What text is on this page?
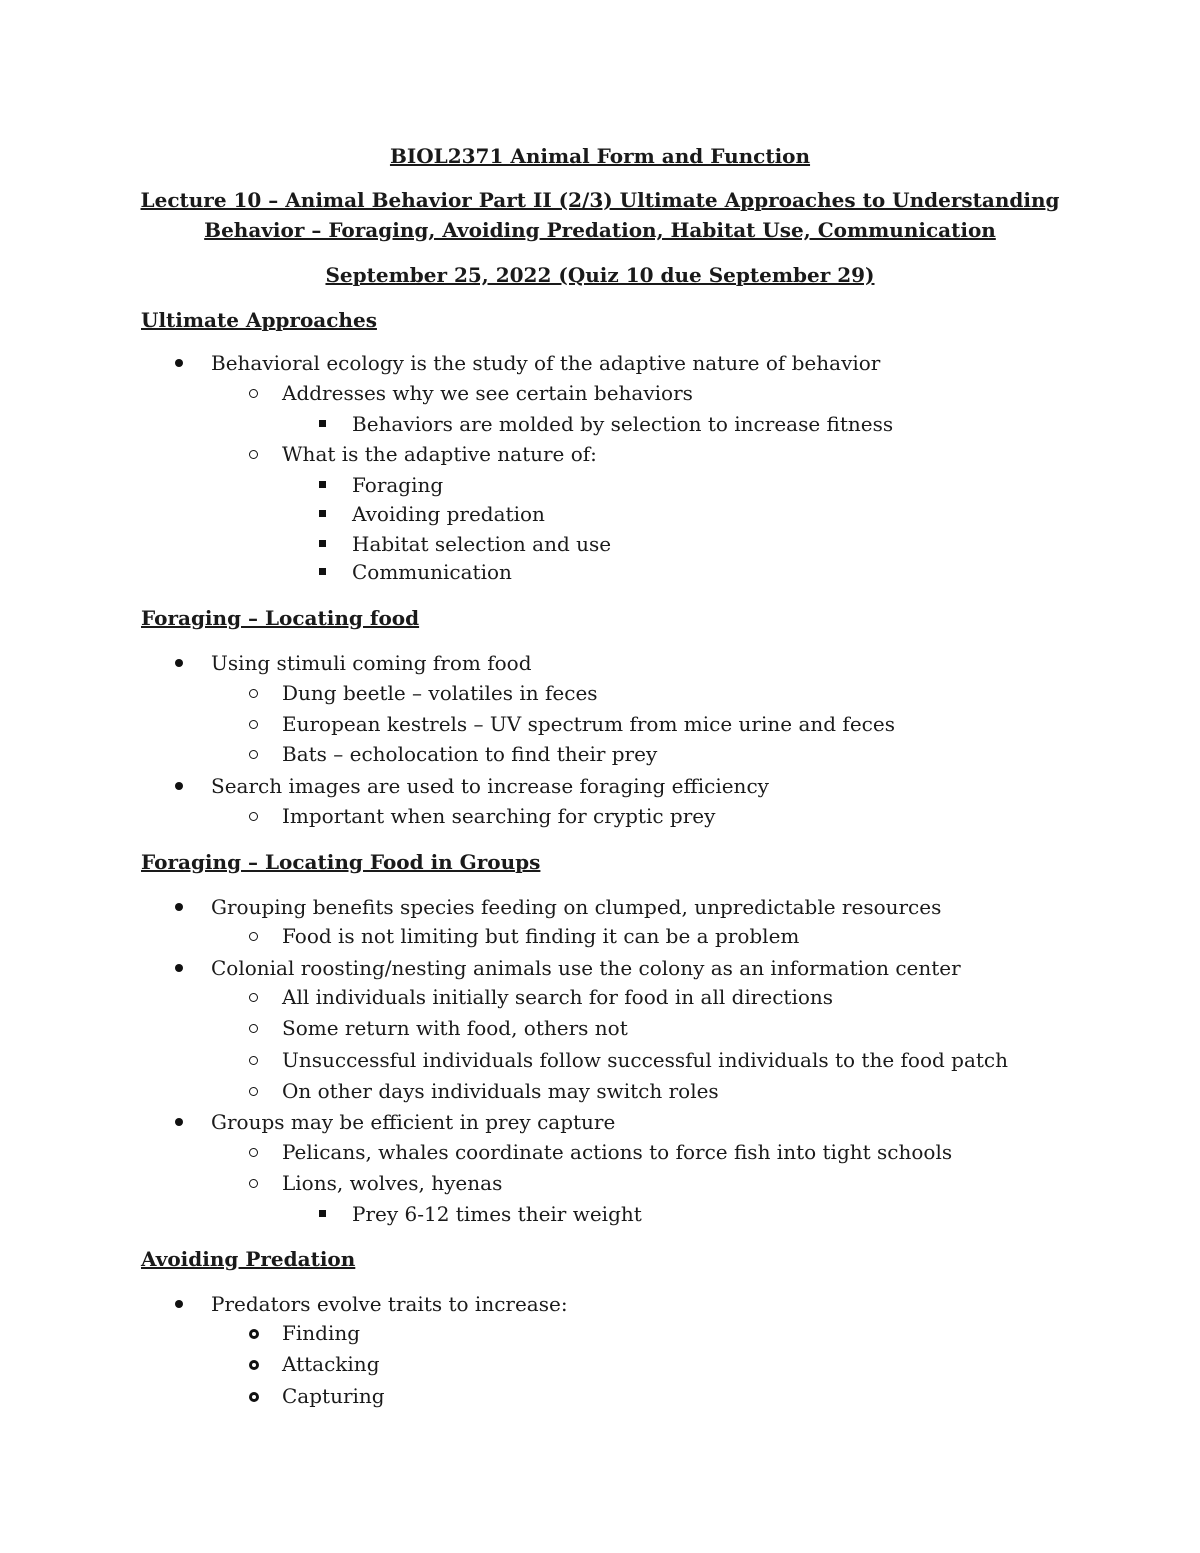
BIOL2371 Animal Form and Function
Lecture 10 – Animal Behavior Part II (2/3) Ultimate Approaches to Understanding
Behavior – Foraging, Avoiding Predation, Habitat Use, Communication
September 25, 2022 (Quiz 10 due September 29)
Ultimate Approaches
Behavioral ecology is the study of the adaptive nature of behavior
Addresses why we see certain behaviors
Behaviors are molded by selection to increase fitness
What is the adaptive nature of:
Foraging
Avoiding predation
Habitat selection and use
Communication
Foraging – Locating food
Using stimuli coming from food
Dung beetle – volatiles in feces
European kestrels – UV spectrum from mice urine and feces
Bats – echolocation to find their prey
Search images are used to increase foraging efficiency
Important when searching for cryptic prey
Foraging – Locating Food in Groups
Grouping benefits species feeding on clumped, unpredictable resources
Food is not limiting but finding it can be a problem
Colonial roosting/nesting animals use the colony as an information center
All individuals initially search for food in all directions
Some return with food, others not
Unsuccessful individuals follow successful individuals to the food patch
On other days individuals may switch roles
Groups may be efficient in prey capture
Pelicans, whales coordinate actions to force fish into tight schools
Lions, wolves, hyenas
Prey 6-12 times their weight
Avoiding Predation
Predators evolve traits to increase:
Finding
Attacking
Capturing
